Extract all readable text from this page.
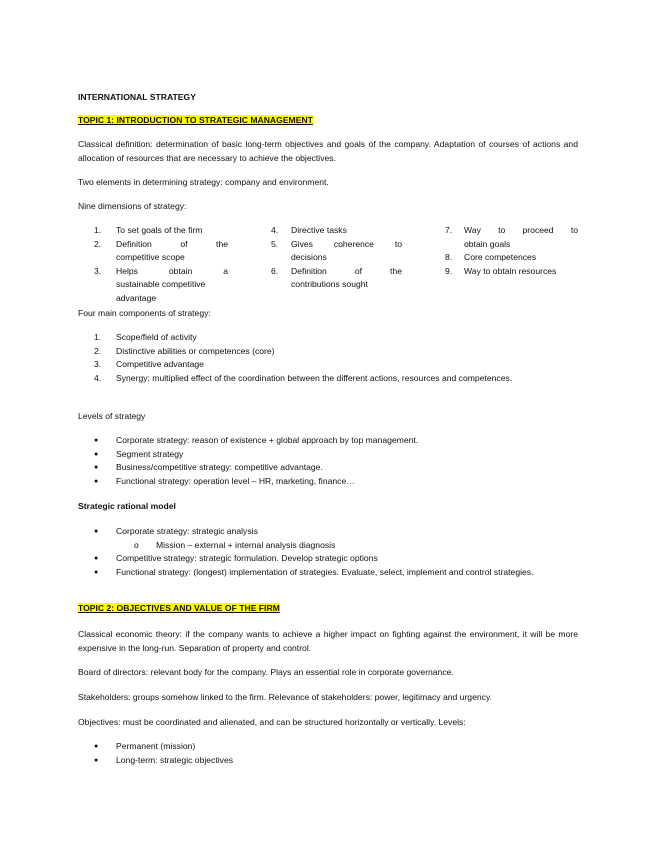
INTERNATIONAL STRATEGY

TOPIC 1: INTRODUCTION TO STRATEGIC MANAGEMENT

Classical definition: determination of basic long-term objectives and goals of the company. Adaptation of courses of actions and allocation of resources that are necessary to achieve the objectives.

Two elements in determining strategy: company and environment.

Nine dimensions of strategy:

1. To set goals of the firm
2. Definition of the
competitive scope
3. Helps obtain a
sustainable competitive
advantage
4. Directive tasks
5. Gives coherence to
decisions
6. Definition of the
contributions sought
7. Way to proceed to
obtain goals
8. Core competences
9. Way to obtain resources

Four main components of strategy:

1. Scope/field of activity
2. Distinctive abilities or competences (core)
3. Competitive advantage
4. Synergy: multiplied effect of the coordination between the different actions, resources and competences.

Levels of strategy

● Corporate strategy: reason of existence + global approach by top management.
● Segment strategy
● Business/competitive strategy: competitive advantage.
● Functional strategy: operation level – HR, marketing, finance…

Strategic rational model

● Corporate strategy: strategic analysis
o Mission – external + internal analysis diagnosis
● Competitive strategy: strategic formulation. Develop strategic options
● Functional strategy: (longest) implementation of strategies. Evaluate, select, implement and control strategies.

TOPIC 2: OBJECTIVES AND VALUE OF THE FIRM

Classical economic theory: if the company wants to achieve a higher impact on fighting against the environment, it will be more expensive in the long-run. Separation of property and control.

Board of directors: relevant body for the company. Plays an essential role in corporate governance.

Stakeholders: groups somehow linked to the firm. Relevance of stakeholders: power, legitimacy and urgency.

Objectives: must be coordinated and alienated, and can be structured horizontally or vertically. Levels:

● Permanent (mission)
● Long-term: strategic objectives
